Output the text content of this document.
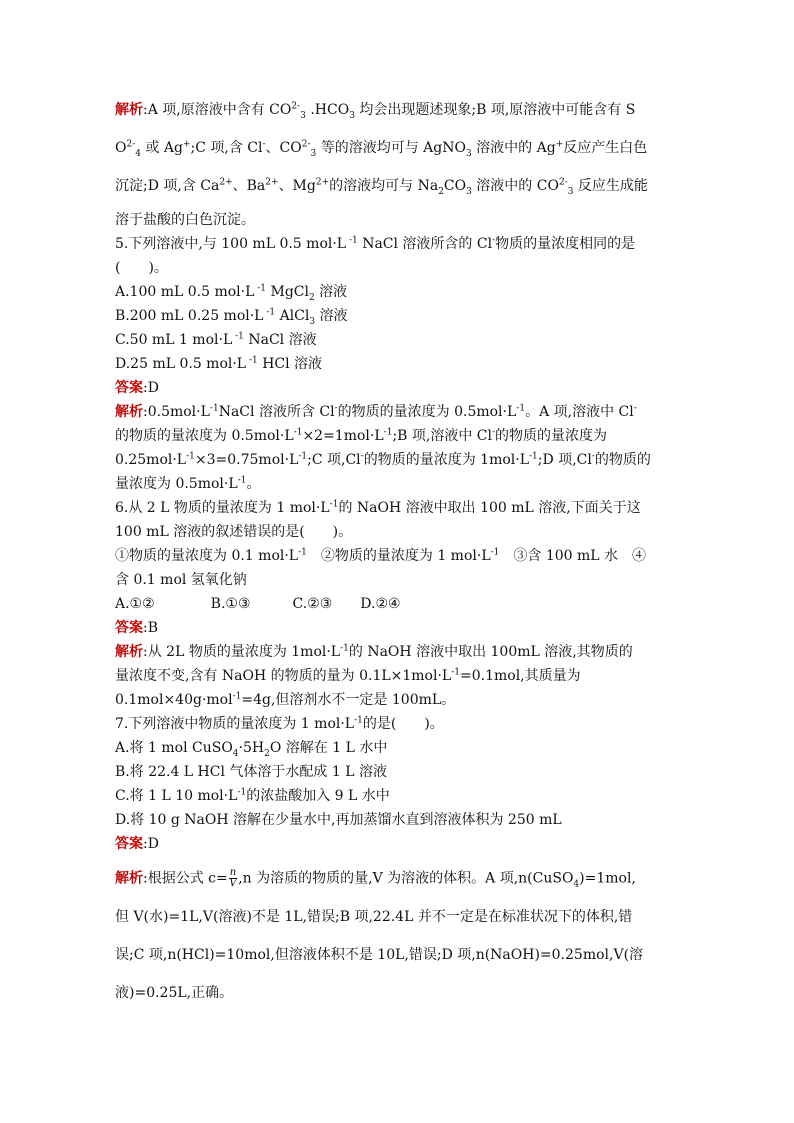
解析:A 项,原溶液中含有 $CO^{2-}_3$ $.HCO_3$ 均会出现题述现象;B 项,原溶液中可能含有 S

$O^{2-}_4$ 或 Ag+;C 项,含 Cl-、$CO^{2-}_3$ 等的溶液均可与 AgNO$_3$ 溶液中的 Ag+反应产生白色

沉淀;D 项,含 $Ca^{2+}$、$Ba^{2+}$、$Mg^{2+}$的溶液均可与 $Na_2CO_3$ 溶液中的 $CO^{2-}_3$ 反应生成能

溶于盐酸的白色沉淀。

5.下列溶液中,与 100 mL 0.5 mol·L $^{-1}$ NaCl 溶液所含的 Cl-物质的量浓度相同的是

(　　)。

A.100 mL 0.5 mol·L $^{-1}$ MgCl$_2$ 溶液

B.200 mL 0.25 mol·L $^{-1}$ AlCl$_3$ 溶液

C.50 mL 1 mol·L $^{-1}$ NaCl 溶液

D.25 mL 0.5 mol·L $^{-1}$ HCl 溶液

答案:D

解析$:0.5mol\cdot L^{-1}NaCl$ 溶液所含 Cl-的物质的量浓度为 $0.5mol\cdot L^{-1}$。A 项,溶液中 Cl-

的物质的量浓度为 $0.5mol\cdot L^{-1}\times 2=1mol\cdot L^{-1};B$ 项,溶液中 Cl-的物质的量浓度为

$0.25mol\cdot L^{-1}\times 3=0.75mol\cdot L^{-1};C$ 项,Cl-的物质的量浓度为 $1mol\cdot L^{-1};D$ 项,Cl-的物质的

量浓度为 $0.5mol\cdot L^{-1}$。

6.从 2 L 物质的量浓度为 1 $mol\cdot L^{-1}$的 NaOH 溶液中取出 100 mL 溶液,下面关于这

100 mL 溶液的叙述错误的是(　　)。

①物质的量浓度为 0.1 $mol\cdot L^{-1}$　②物质的量浓度为 1 $mol\cdot L^{-1}$　③含 100 mL 水　④

含 0.1 mol 氢氧化钠

A.①②　　　　B.①③　　　C.②③　　D.②④

答案:B

解析:从 2L 物质的量浓度为 $1mol\cdot L^{-1}$的 NaOH 溶液中取出 100mL 溶液,其物质的

量浓度不变,含有 NaOH 的物质的量为 $0.1L\times 1mol\cdot L^{-1}=0.1mol$,其质量为

0.1mol×40g·mol$^{-1}$=4g,但溶剂水不一定是 100mL。

7.下列溶液中物质的量浓度为 1 $mol\cdot L^{-1}$的是(　　)。

A.将 1 mol $CuSO_4\cdot 5H_2O$ 溶解在 1 L 水中

B.将 22.4 L HCl 气体溶于水配成 1 L 溶液

C.将 1 L 10 $mol\cdot L^{-1}$的浓盐酸加入 9 L 水中

D.将 10 g NaOH 溶解在少量水中,再加蒸馏水直到溶液体积为 250 mL

答案:D

解析:根据公式 $c= \frac{n}{V} ,n$ 为溶质的物质的量,V 为溶液的体积。A 项,n(CuSO$_4$)=1mol,

但 V(水)=1L,V(溶液)不是 1L,错误;B 项,22.4L 并不一定是在标准状况下的体积,错

误;C 项,n(HCl)=10mol,但溶液体积不是 10L,错误;D 项,n(NaOH)=0.25mol,V(溶

液)=0.25L,正确。
